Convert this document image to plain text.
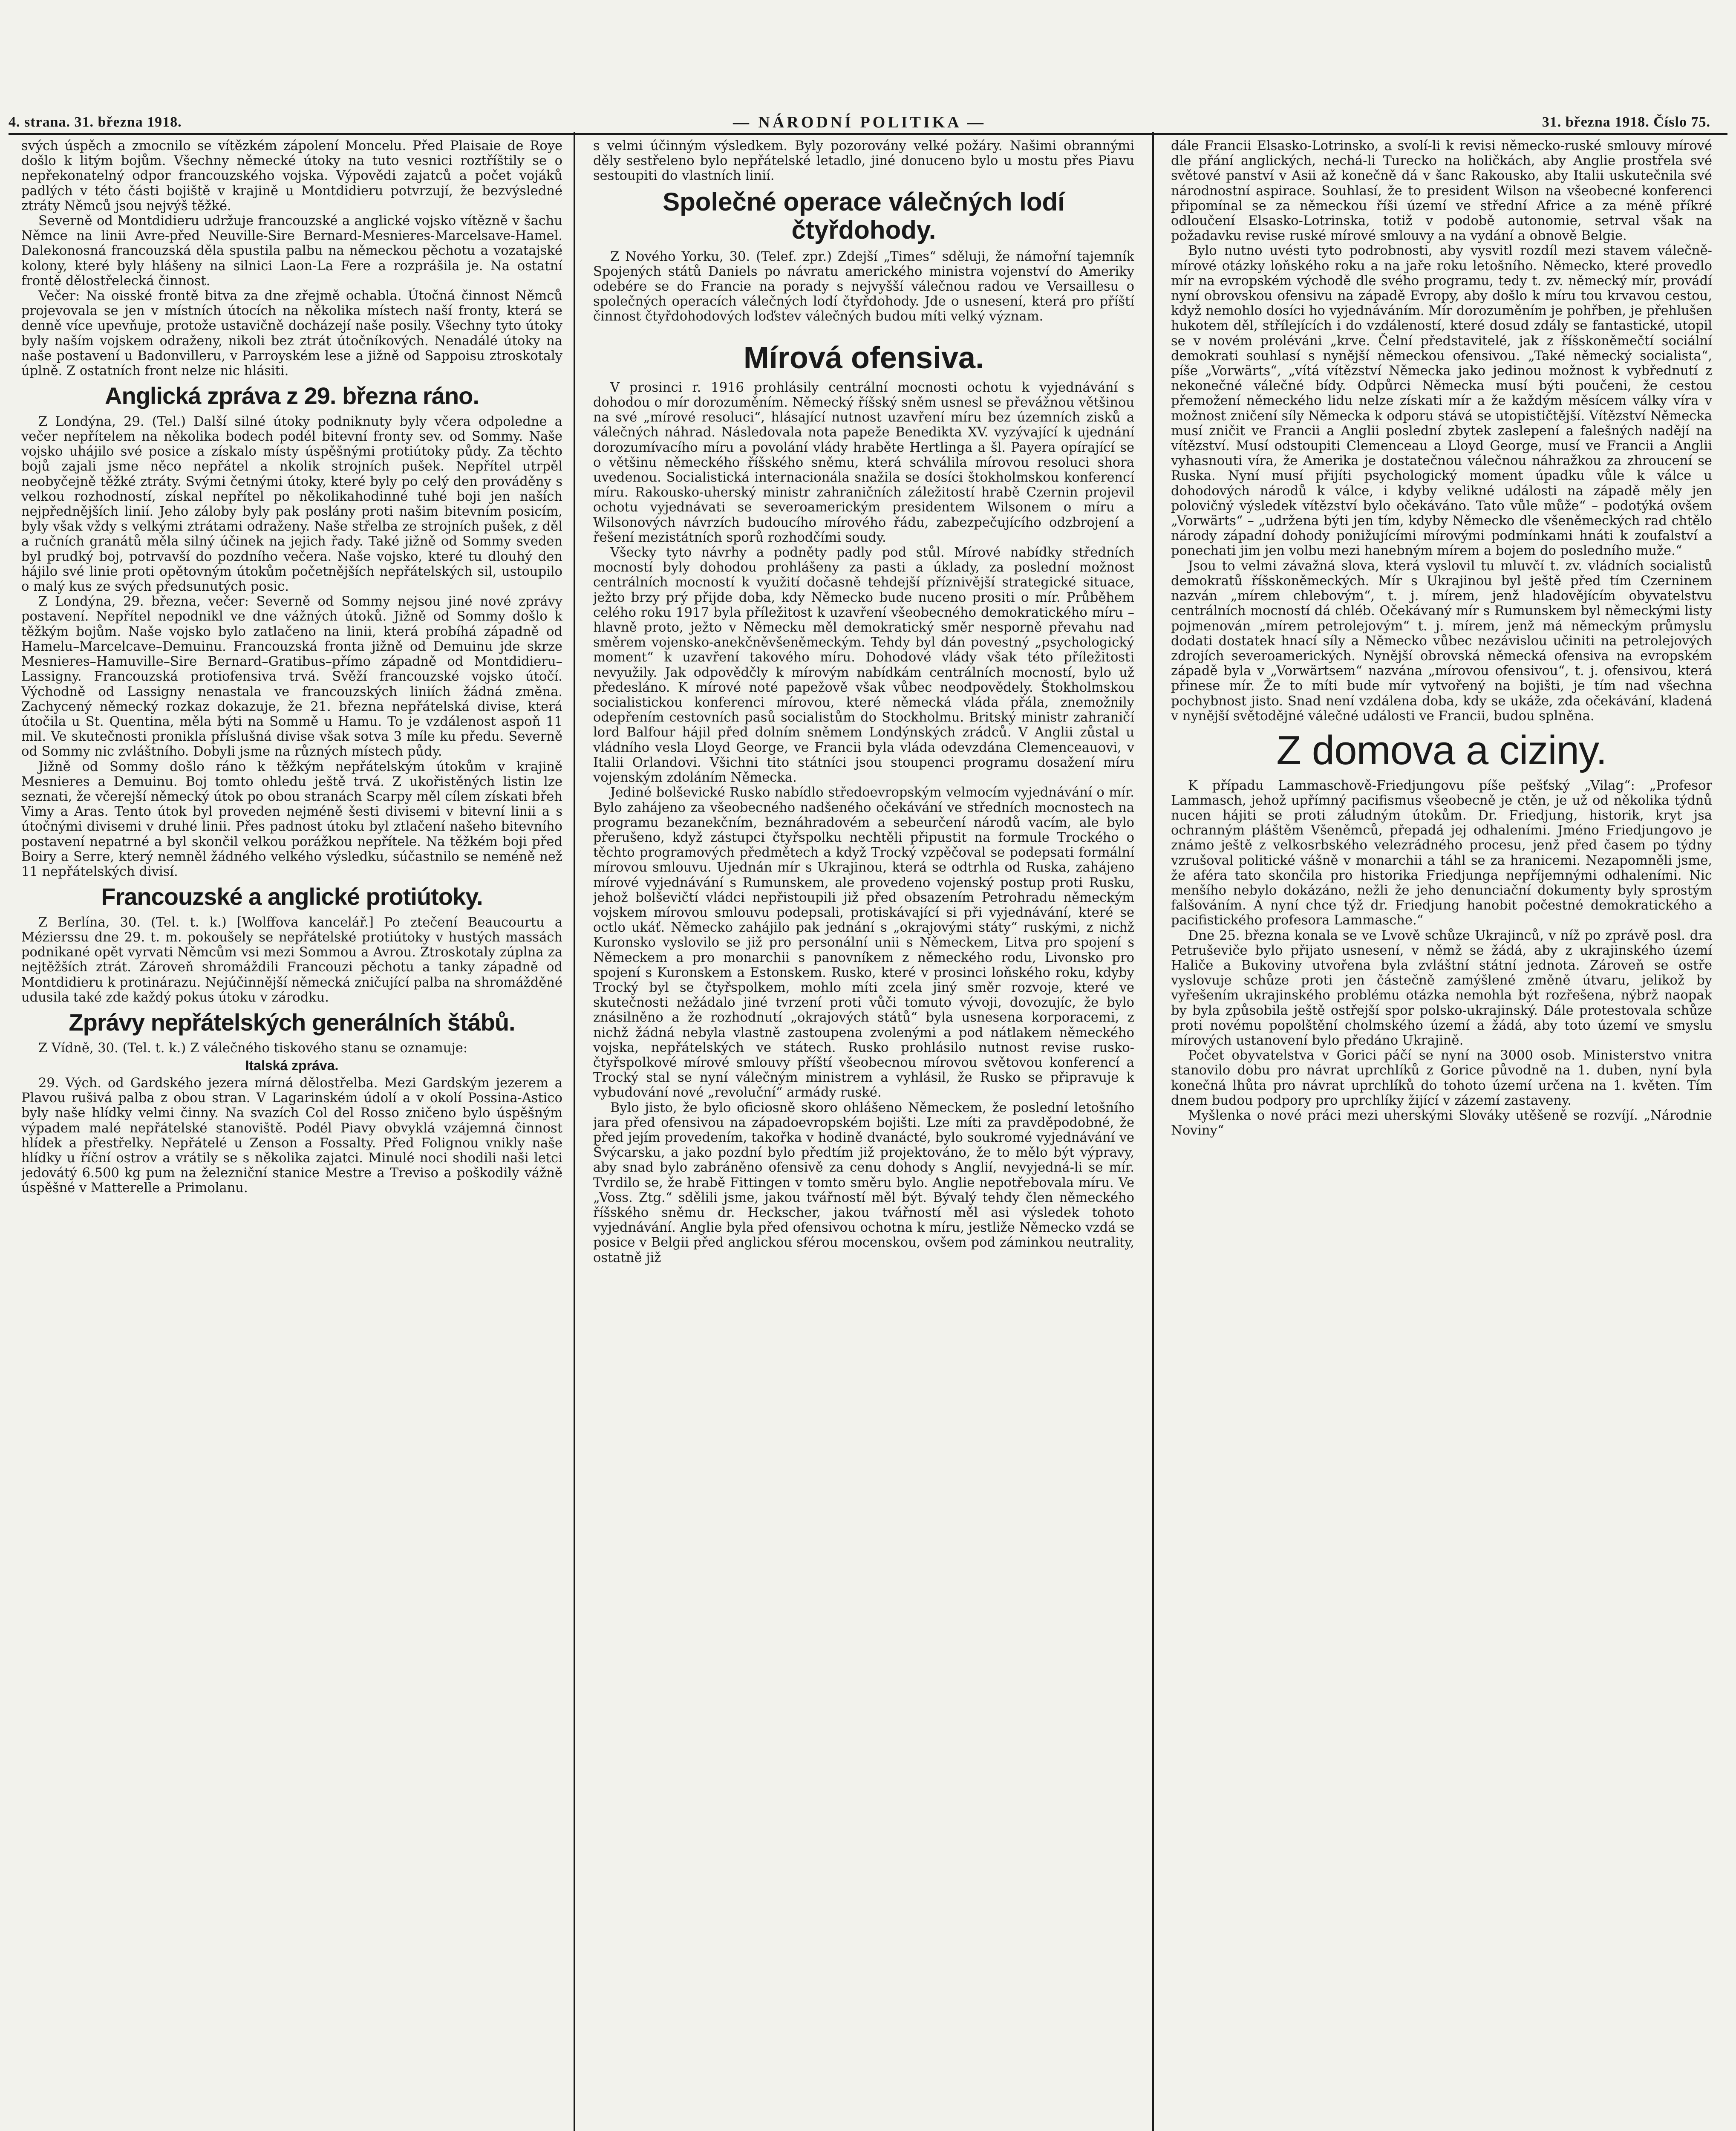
4. strana. 31. března 1918.	— NÁRODNÍ POLITIKA —	31. března 1918. Číslo 75.

svých úspěch a zmocnilo se vítězkém zápolení Moncelu. Před Plaisaie de Roye došlo k litým bojům. Všechny německé útoky na tuto vesnici roztříštily se o nepřekonatelný odpor francouzského vojska. Výpovědi zajatců a počet vojáků padlých v této části bojiště v krajině u Montdidieru potvrzují, že bezvýsledné ztráty Němců jsou nejvýš těžké.

Severně od Montdidieru udržuje francouzské a anglické vojsko vítězně v šachu Němce na linii Avre-před Neuville-Sire Bernard-Mesnieres-Marcelsave-Hamel. Dalekonosná francouzská děla spustila palbu na německou pěchotu a vozatajské kolony, které byly hlášeny na silnici Laon-La Fere a rozprášila je. Na ostatní frontě dělostřelecká činnost.

Večer: Na oisské frontě bitva za dne zřejmě ochabla. Útočná činnost Němců projevovala se jen v místních útocích na několika místech naší fronty, která se denně více upevňuje, protože ustavičně docházejí naše posily. Všechny tyto útoky byly naším vojskem odraženy, nikoli bez ztrát útočníkových. Nenadálé útoky na naše postavení u Badonvilleru, v Parroyském lese a jižně od Sappoisu ztroskotaly úplně. Z ostatních front nelze nic hlásiti.

Anglická zpráva z 29. března ráno.

Z Londýna, 29. (Tel.) Další silné útoky podniknuty byly včera odpoledne a večer nepřítelem na několika bodech podél bitevní fronty sev. od Sommy. Naše vojsko uhájilo své posice a získalo místy úspěšnými protiútoky půdy. Za těchto bojů zajali jsme něco nepřátel a nkolik strojních pušek. Nepřítel utrpěl neobyčejně těžké ztráty. Svými četnými útoky, které byly po celý den prováděny s velkou rozhodností, získal nepřítel po několikahodinné tuhé boji jen naších nejpřednějších linií. Jeho záloby byly pak poslány proti našim bitevním posicím, byly však vždy s velkými ztrátami odraženy. Naše střelba ze strojních pušek, z děl a ručních granátů měla silný účinek na jejich řady. Také jižně od Sommy sveden byl prudký boj, potrvavší do pozdního večera. Naše vojsko, které tu dlouhý den hájilo své linie proti opětovným útokům početnějších nepřátelských sil, ustoupilo o malý kus ze svých předsunutých posic.

Z Londýna, 29. března, večer: Severně od Sommy nejsou jiné nové zprávy postavení. Nepřítel nepodnikl ve dne vážných útoků. Jižně od Sommy došlo k těžkým bojům. Naše vojsko bylo zatlačeno na linii, která probíhá západně od Hamelu–Marcelcave–Demuinu. Francouzská fronta jižně od Demuinu jde skrze Mesnieres–Hamuville–Sire Bernard–Gratibus–přímo západně od Montdidieru–Lassigny. Francouzská protiofensiva trvá. Svěží francouzské vojsko útočí. Východně od Lassigny nenastala ve francouzských liniích žádná změna. Zachycený německý rozkaz dokazuje, že 21. března nepřátelská divise, která útočila u St. Quentina, měla býti na Sommě u Hamu. To je vzdálenost aspoň 11 mil. Ve skutečnosti pronikla příslušná divise však sotva 3 míle ku předu. Severně od Sommy nic zvláštního. Dobyli jsme na různých místech půdy.

Jižně od Sommy došlo ráno k těžkým nepřátelským útokům v krajině Mesnieres a Demuinu. Boj tomto ohledu ještě trvá. Z ukořistěných listin lze seznati, že včerejší německý útok po obou stranách Scarpy měl cílem získati břeh Vimy a Aras. Tento útok byl proveden nejméně šesti divisemi v bitevní linii a s útočnými divisemi v druhé linii. Přes padnost útoku byl ztlačení našeho bitevního postavení nepatrné a byl skončil velkou porážkou nepřítele. Na těžkém boji před Boiry a Serre, který nemněl žádného velkého výsledku, súčastnilo se neméně než 11 nepřátelských divisí.

Francouzské a anglické protiútoky.

Z Berlína, 30. (Tel. t. k.) [Wolffova kancelář.] Po ztečení Beaucourtu a Mézierssu dne 29. t. m. pokoušely se nepřátelské protiútoky v hustých massách podnikané opět vyrvati Němcům vsi mezi Sommou a Avrou. Ztroskotaly zúplna za nejtěžších ztrát. Zároveň shromáždili Francouzi pěchotu a tanky západně od Montdidieru k protinárazu. Nejúčinnější německá zničující palba na shromážděné udusila také zde každý pokus útoku v zárodku.

Zprávy nepřátelských generálních štábů.

Z Vídně, 30. (Tel. t. k.) Z válečného tiskového stanu se oznamuje:

Italská zpráva.

29. Vých. od Gardského jezera mírná dělostřelba. Mezi Gardským jezerem a Plavou rušivá palba z obou stran. V Lagarinském údolí a v okolí Possina-Astico byly naše hlídky velmi činny. Na svazích Col del Rosso zničeno bylo úspěšným výpadem malé nepřátelské stanoviště. Podél Piavy obvyklá vzájemná činnost hlídek a přestřelky. Nepřátelé u Zenson a Fossalty. Před Folignou vnikly naše hlídky u říční ostrov a vrátily se s několika zajatci. Minulé noci shodili naši letci jedovátý 6.500 kg pum na železniční stanice Mestre a Treviso a poškodily vážně úspěšné v Matterelle a Primolanu.

s velmi účinným výsledkem. Byly pozorovány velké požáry. Našimi obrannými děly sestřeleno bylo nepřátelské letadlo, jiné donuceno bylo u mostu přes Piavu sestoupiti do vlastních linií.

Společné operace válečných lodí čtyřdohody.

Z Nového Yorku, 30. (Telef. zpr.) Zdejší „Times“ sděluji, že námořní tajemník Spojených států Daniels po návratu amerického ministra vojenství do Ameriky odebére se do Francie na porady s nejvyšší válečnou radou ve Versaillesu o společných operacích válečných lodí čtyřdohody. Jde o usnesení, která pro příští činnost čtyřdohodových loďstev válečných budou míti velký význam.

Mírová ofensiva.

V prosinci r. 1916 prohlásily centrální mocnosti ochotu k vyjednávání s dohodou o mír dorozuměním. Německý říšský sněm usnesl se převážnou většinou na své „mírové resoluci“, hlásající nutnost uzavření míru bez územních zisků a válečných náhrad. Následovala nota papeže Benedikta XV. vyzývající k ujednání dorozumívacího míru a povolání vlády hraběte Hertlinga a šl. Payera opírající se o většinu německého říšského sněmu, která schválila mírovou resoluci shora uvedenou. Socialistická internacionála snažila se dosíci štokholmskou konferencí míru. Rakousko-uherský ministr zahraničních záležitostí hrabě Czernin projevil ochotu vyjednávati se severoamerickým presidentem Wilsonem o míru a Wilsonových návrzích budoucího mírového řádu, zabezpečujícího odzbrojení a řešení mezistátních sporů rozhodčími soudy.

Všecky tyto návrhy a podněty padly pod stůl. Mírové nabídky středních mocností byly dohodou prohlášeny za pasti a úklady, za poslední možnost centrálních mocností k využití dočasně tehdejší příznivější strategické situace, ježto brzy prý přijde doba, kdy Německo bude nuceno prositi o mír. Průběhem celého roku 1917 byla příležitost k uzavření všeobecného demokratického míru – hlavně proto, ježto v Německu měl demokratický směr nesporně převahu nad směrem vojensko-anekčněvšeněmeckým. Tehdy byl dán povestný „psychologický moment“ k uzavření takového míru. Dohodové vlády však této příležitosti nevyužily. Jak odpovědčly k mírovým nabídkám centrálních mocností, bylo už předesláno. K mírové noté papežově však vůbec neodpovědely. Štokholmskou socialistickou konferenci mírovou, které německá vláda přála, znemožnily odepřením cestovních pasů socialistům do Stockholmu. Britský ministr zahraničí lord Balfour hájil před dolním sněmem Londýnských zrádců. V Anglii zůstal u vládního vesla Lloyd George, ve Francii byla vláda odevzdána Clemenceauovi, v Italii Orlandovi. Všichni tito státníci jsou stoupenci programu dosažení míru vojenským zdoláním Německa.

Jediné bolševické Rusko nabídlo středoevropským velmocím vyjednávání o mír. Bylo zahájeno za všeobecného nadšeného očekávání ve středních mocnostech na programu bezanekčním, beznáhradovém a sebeurčení národů vacím, ale bylo přerušeno, když zástupci čtyřspolku nechtěli připustit na formule Trockého o těchto programových předmětech a když Trocký vzpěčoval se podepsati formální mírovou smlouvu. Ujednán mír s Ukrajinou, která se odtrhla od Ruska, zahájeno mírové vyjednávání s Rumunskem, ale provedeno vojenský postup proti Rusku, jehož bolševičtí vládci nepřistoupili již před obsazením Petrohradu německým vojskem mírovou smlouvu podepsali, protiskávající si při vyjednávání, které se octlo ukáť. Německo zahájilo pak jednání s „okrajovými státy“ ruskými, z nichž Kuronsko vyslovilo se již pro personální unii s Německem, Litva pro spojení s Německem a pro monarchii s panovníkem z německého rodu, Livonsko pro spojení s Kuronskem a Estonskem. Rusko, které v prosinci loňského roku, kdyby Trocký byl se čtyřspolkem, mohlo míti zcela jiný směr rozvoje, které ve skutečnosti nežádalo jiné tvrzení proti vůči tomuto vývoji, dovozujíc, že bylo znásilněno a že rozhodnutí „okrajových států“ byla usnesena korporacemi, z nichž žádná nebyla vlastně zastoupena zvolenými a pod nátlakem německého vojska, nepřátelských ve státech. Rusko prohlásilo nutnost revise rusko-čtyřspolkové mírové smlouvy příští všeobecnou mírovou světovou konferencí a Trocký stal se nyní válečným ministrem a vyhlásil, že Rusko se připravuje k vybudování nové „revoluční“ armády ruské.

Bylo jisto, že bylo oficiosně skoro ohlášeno Německem, že poslední letošního jara před ofensivou na západoevropském bojišti. Lze míti za pravděpodobné, že před jejím provedením, takořka v hodině dvanácté, bylo soukromé vyjednávání ve Švýcarsku, a jako pozdní bylo předtím již projektováno, že to mělo být výpravy, aby snad bylo zabráněno ofensivě za cenu dohody s Anglií, nevyjedná-li se mír. Tvrdilo se, že hrabě Fittingen v tomto směru bylo. Anglie nepotřebovala míru. Ve „Voss. Ztg.“ sdělili jsme, jakou tvářností měl být. Bývalý tehdy člen německého říšského sněmu dr. Heckscher, jakou tvářností měl asi výsledek tohoto vyjednávání. Anglie byla před ofensivou ochotna k míru, jestliže Německo vzdá se posice v Belgii před anglickou sférou mocenskou, ovšem pod záminkou neutrality, ostatně již

dále Francii Elsasko-Lotrinsko, a svolí-li k revisi německo-ruské smlouvy mírové dle přání anglických, nechá-li Turecko na holičkách, aby Anglie prostřela své světové panství v Asii až konečně dá v šanc Rakousko, aby Italii uskutečnila své národnostní aspirace. Souhlasí, že to president Wilson na všeobecné konferenci připomínal se za německou říši území ve střední Africe a za méně příkré odloučení Elsasko-Lotrinska, totiž v podobě autonomie, setrval však na požadavku revise ruské mírové smlouvy a na vydání a obnově Belgie.

Bylo nutno uvésti tyto podrobnosti, aby vysvitl rozdíl mezi stavem válečně-mírové otázky loňského roku a na jaře roku letošního. Německo, které provedlo mír na evropském východě dle svého programu, tedy t. zv. německý mír, provádí nyní obrovskou ofensivu na západě Evropy, aby došlo k míru tou krvavou cestou, když nemohlo dosíci ho vyjednáváním. Mír dorozuměním je pohřben, je přehlušen hukotem děl, střílejících i do vzdáleností, které dosud zdály se fantastické, utopil se v novém proléváni „krve. Čelní představitelé, jak z říšskoněmečtí sociální demokrati souhlasí s nynější německou ofensivou. „Také německý socialista“, píše „Vorwärts“, „vítá vítězství Německa jako jedinou možnost k vybřednutí z nekonečné válečné bídy. Odpůrci Německa musí býti poučeni, že cestou přemožení německého lidu nelze získati mír a že každým měsícem války víra v možnost zničení síly Německa k odporu stává se utopističtější. Vítězství Německa musí zničit ve Francii a Anglii poslední zbytek zaslepení a falešných nadějí na vítězství. Musí odstoupiti Clemenceau a Lloyd George, musí ve Francii a Anglii vyhasnouti víra, že Amerika je dostatečnou válečnou náhražkou za zhroucení se Ruska. Nyní musí přijíti psychologický moment úpadku vůle k válce u dohodových národů k válce, i kdyby velikné události na západě měly jen polovičný výsledek vítězství bylo očekáváno. Tato vůle může“ – podotýká ovšem „Vorwärts“ – „udržena býti jen tím, kdyby Německo dle všeněmeckých rad chtělo národy západní dohody ponižujícími mírovými podmínkami hnáti k zoufalství a ponechati jim jen volbu mezi hanebným mírem a bojem do posledního muže.“

Jsou to velmi závažná slova, která vyslovil tu mluvčí t. zv. vládních socialistů demokratů říšskoněmeckých. Mír s Ukrajinou byl ještě před tím Czerninem nazván „mírem chlebovým“, t. j. mírem, jenž hladovějícím obyvatelstvu centrálních mocností dá chléb. Očekávaný mír s Rumunskem byl německými listy pojmenován „mírem petrolejovým“ t. j. mírem, jenž má německým průmyslu dodati dostatek hnací síly a Německo vůbec nezávislou učiniti na petrolejových zdrojích severoamerických. Nynější obrovská německá ofensiva na evropském západě byla v „Vorwärtsem“ nazvána „mírovou ofensivou“, t. j. ofensivou, která přinese mír. Že to míti bude mír vytvořený na bojišti, je tím nad všechna pochybnost jisto. Snad není vzdálena doba, kdy se ukáže, zda očekávání, kladená v nynější světodějné válečné události ve Francii, budou splněna.

Z domova a ciziny.

K případu Lammaschově-Friedjungovu píše pešťský „Vilag“: „Profesor Lammasch, jehož upřímný pacifismus všeobecně je ctěn, je už od několika týdnů nucen hájiti se proti záludným útokům. Dr. Friedjung, historik, kryt jsa ochranným pláštěm Všeněmců, přepadá jej odhaleními. Jméno Friedjungovo je známo ještě z velkosrbského velezrádného procesu, jenž před časem po týdny vzrušoval politické vášně v monarchii a táhl se za hranicemi. Nezapomněli jsme, že aféra tato skončila pro historika Friedjunga nepříjemnými odhaleními. Nic menšího nebylo dokázáno, nežli že jeho denunciační dokumenty byly sprostým falšováním. A nyní chce týž dr. Friedjung hanobit počestné demokratického a pacifistického profesora Lammasche.“

Dne 25. března konala se ve Lvově schůze Ukrajinců, v níž po zprávě posl. dra Petruševiče bylo přijato usnesení, v němž se žádá, aby z ukrajinského území Haliče a Bukoviny utvořena byla zvláštní státní jednota. Zároveň se ostře vyslovuje schůze proti jen částečně zamýšlené změně útvaru, jelikož by vyřešením ukrajinského problému otázka nemohla být rozřešena, nýbrž naopak by byla způsobila ještě ostřejší spor polsko-ukrajinský. Dále protestovala schůze proti novému popolštění cholmského území a žádá, aby toto území ve smyslu mírových ustanovení bylo předáno Ukrajině.

Počet obyvatelstva v Gorici páčí se nyní na 3000 osob. Ministerstvo vnitra stanovilo dobu pro návrat uprchlíků z Gorice původně na 1. duben, nyní byla konečná lhůta pro návrat uprchlíků do tohoto území určena na 1. květen. Tím dnem budou podpory pro uprchlíky žijící v zázemí zastaveny.

Myšlenka o nové práci mezi uherskými Slováky utěšeně se rozvíjí. „Národnie Noviny“
